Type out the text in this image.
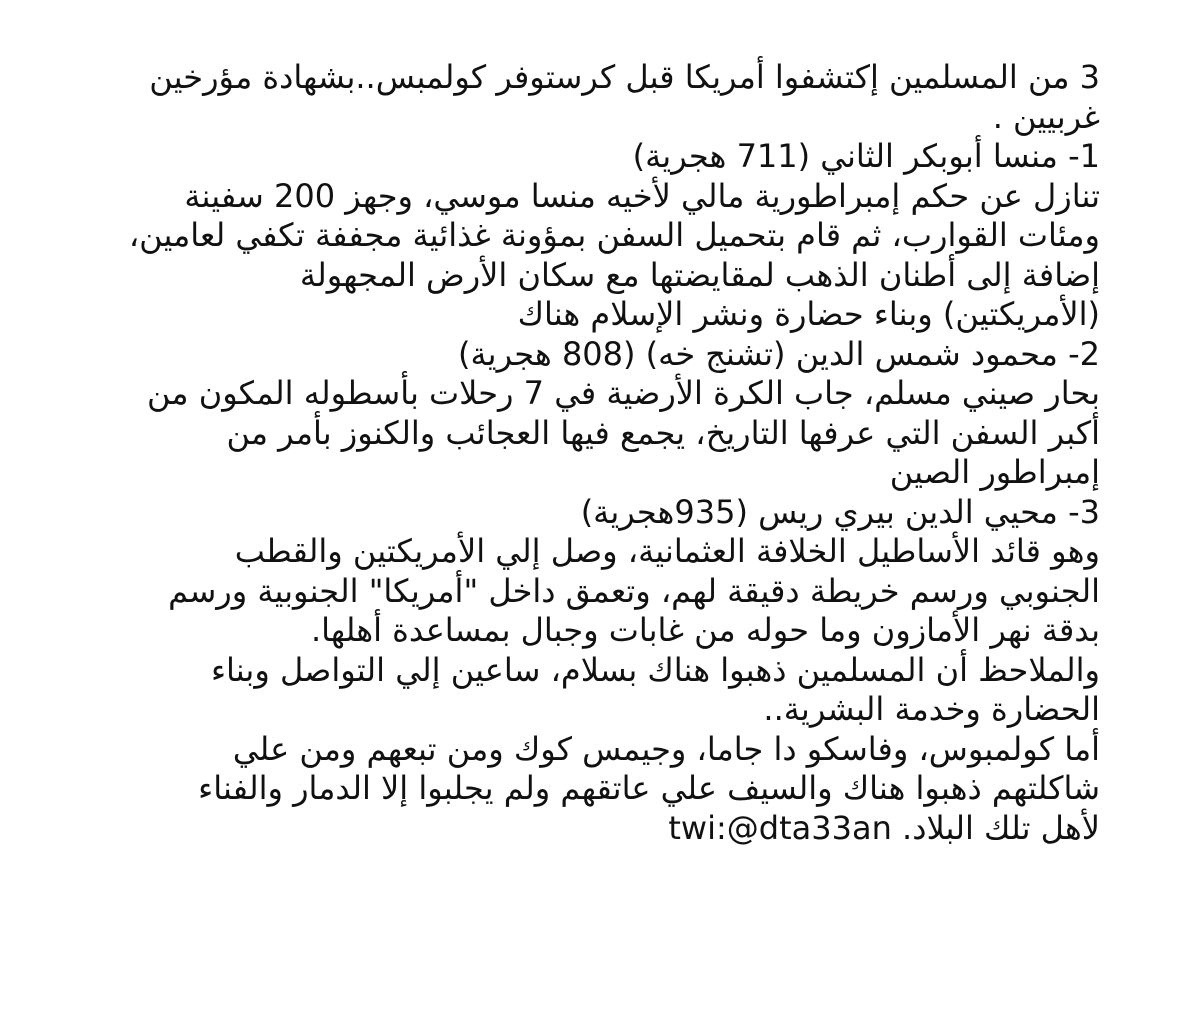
3 من المسلمين إكتشفوا أمريكا قبل كرستوفر كولمبس..بشهادة مؤرخين
غربيين .
1- منسا أبوبكر الثاني (711 هجرية)
تنازل عن حكم إمبراطورية مالي لأخيه منسا موسي، وجهز 200 سفينة
ومئات القوارب، ثم قام بتحميل السفن بمؤونة غذائية مجففة تكفي لعامين،
إضافة إلى أطنان الذهب لمقايضتها مع سكان الأرض المجهولة
(الأمريكتين) وبناء حضارة ونشر الإسلام هناك
2- محمود شمس الدين (تشنج خه) (808 هجرية)
بحار صيني مسلم، جاب الكرة الأرضية في 7 رحلات بأسطوله المكون من
أكبر السفن التي عرفها التاريخ، يجمع فيها العجائب والكنوز بأمر من
إمبراطور الصين
3- محيي الدين بيري ريس (935هجرية)
وهو قائد الأساطيل الخلافة العثمانية، وصل إلي الأمريكتين والقطب
الجنوبي ورسم خريطة دقيقة لهم، وتعمق داخل "أمريكا" الجنوبية ورسم
بدقة نهر الأمازون وما حوله من غابات وجبال بمساعدة أهلها.
والملاحظ أن المسلمين ذهبوا هناك بسلام، ساعين إلي التواصل وبناء
الحضارة وخدمة البشرية..
أما كولمبوس، وفاسكو دا جاما، وجيمس كوك ومن تبعهم ومن علي
شاكلتهم ذهبوا هناك والسيف علي عاتقهم ولم يجلبوا إلا الدمار والفناء
لأهل تلك البلاد. twi:@dta33an
